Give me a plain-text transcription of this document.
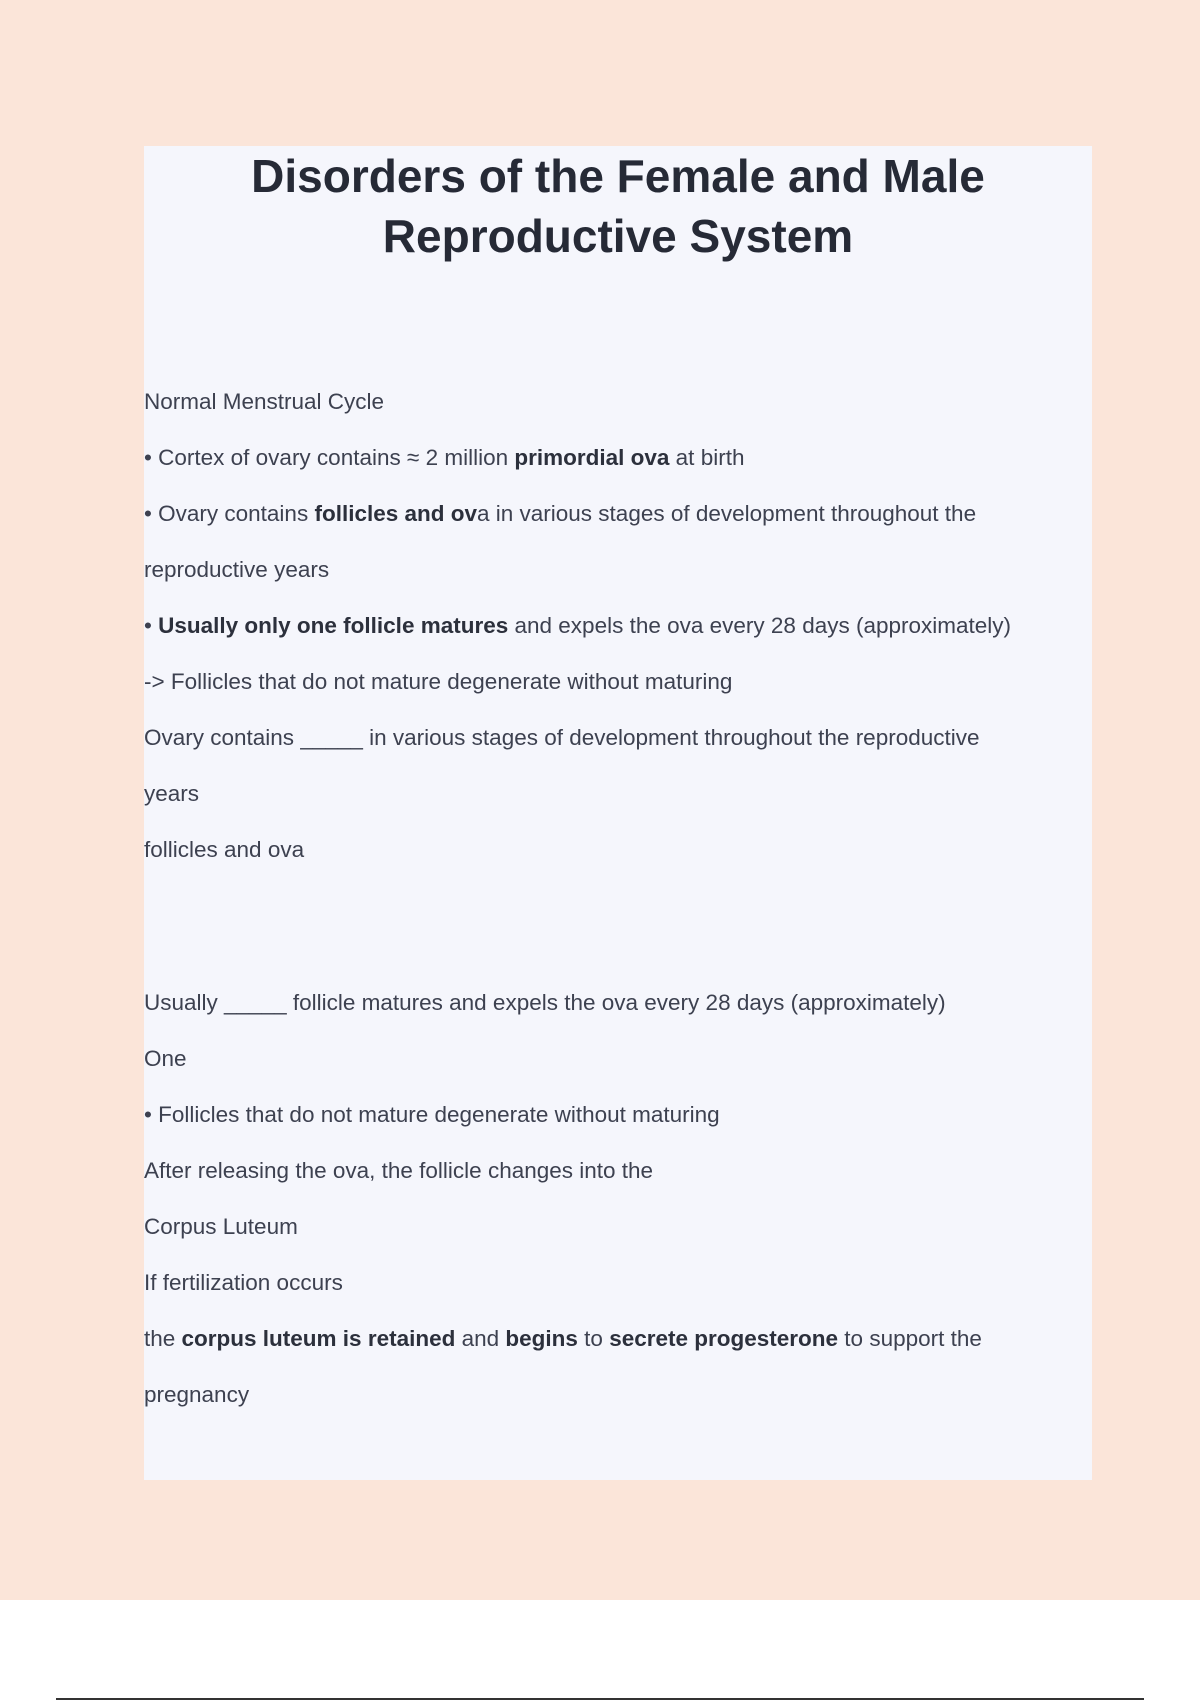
Disorders of the Female and Male
Reproductive System
Normal Menstrual Cycle
• Cortex of ovary contains ≈ 2 million primordial ova at birth
• Ovary contains follicles and ova in various stages of development throughout the
reproductive years
• Usually only one follicle matures and expels the ova every 28 days (approximately)
-> Follicles that do not mature degenerate without maturing
Ovary contains _____ in various stages of development throughout the reproductive
years
follicles and ova
Usually _____ follicle matures and expels the ova every 28 days (approximately)
One
• Follicles that do not mature degenerate without maturing
After releasing the ova, the follicle changes into the
Corpus Luteum
If fertilization occurs
the corpus luteum is retained and begins to secrete progesterone to support the
pregnancy
